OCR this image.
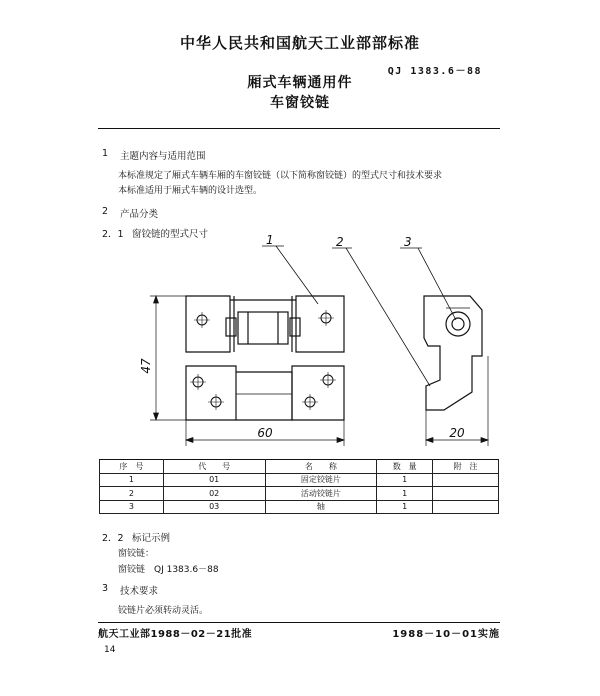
中华人民共和国航天工业部部标准
QJ 1383.6－88
厢式车辆通用件
车窗铰链
1 主题内容与适用范围
本标准规定了厢式车辆车厢的车窗铰链（以下简称窗铰链）的型式尺寸和技术要求
本标准适用于厢式车辆的设计选型。
2 产品分类
2．1 窗铰链的型式尺寸	1	2	3
47
60	20
序　号	代　　号	名　　称	数　量	附　注
1	01	固定铰链片	1	
2	02	活动铰链片	1	
3	03	轴	1	
2．2 标记示例
窗铰链：
窗铰链　QJ 1383.6－88
3 技术要求
铰链片必须转动灵活。
航天工业部1988－02－21批准	1988－10－01实施
14
